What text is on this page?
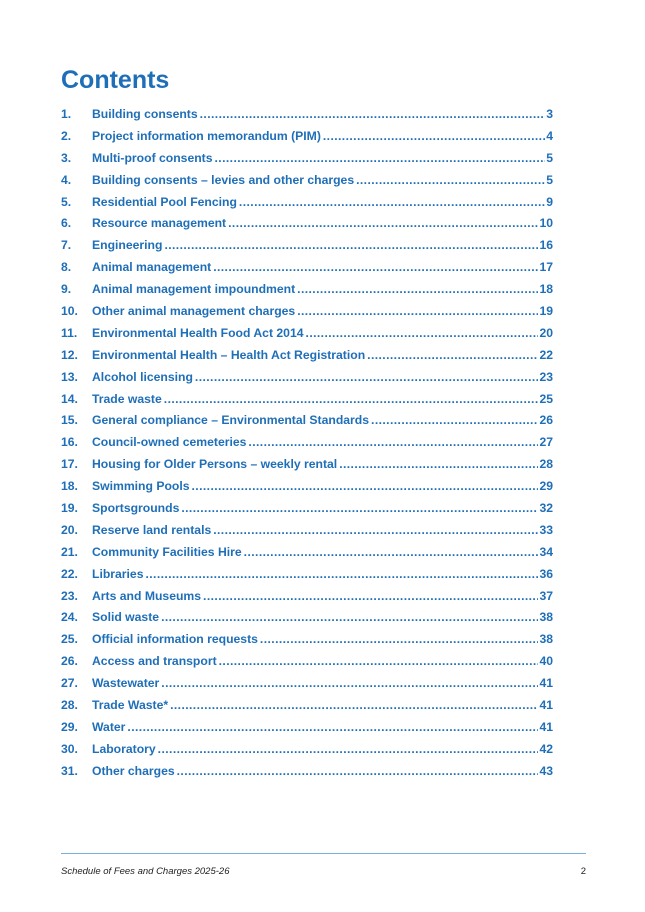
Contents
1.	Building consents .....	3
2.	Project information memorandum (PIM) .....	4
3.	Multi-proof consents .....	5
4.	Building consents – levies and other charges .....	5
5.	Residential Pool Fencing .....	9
6.	Resource management .....	10
7.	Engineering .....	16
8.	Animal management .....	17
9.	Animal management impoundment .....	18
10.	Other animal management charges .....	19
11.	Environmental Health Food Act 2014 .....	20
12.	Environmental Health – Health Act Registration .....	22
13.	Alcohol licensing .....	23
14.	Trade waste .....	25
15.	General compliance – Environmental Standards .....	26
16.	Council-owned cemeteries .....	27
17.	Housing for Older Persons – weekly rental .....	28
18.	Swimming Pools .....	29
19.	Sportsgrounds .....	32
20.	Reserve land rentals .....	33
21.	Community Facilities Hire .....	34
22.	Libraries .....	36
23.	Arts and Museums .....	37
24.	Solid waste .....	38
25.	Official information requests .....	38
26.	Access and transport .....	40
27.	Wastewater .....	41
28.	Trade Waste* .....	41
29.	Water .....	41
30.	Laboratory .....	42
31.	Other charges .....	43
Schedule of Fees and Charges 2025-26	2
